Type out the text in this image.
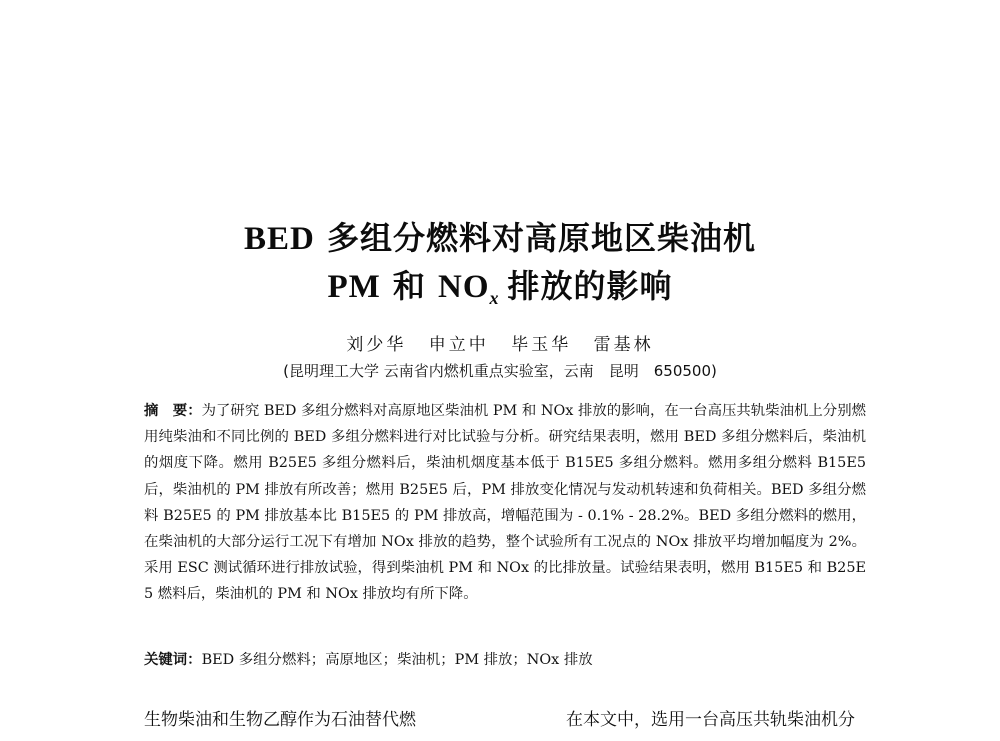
BED 多组分燃料对高原地区柴油机
PM 和 $NO_x$ 排放的影响
刘少华 申立中 毕玉华 雷基林
(昆明理工大学 云南省内燃机重点实验室，云南　昆明　650500)
摘　要：为了研究 BED 多组分燃料对高原地区柴油机 PM 和 NOx 排放的影响，在一台高压共轨柴油机上分别燃用纯柴油和不同比例的 BED 多组分燃料进行对比试验与分析。研究结果表明，燃用 BED 多组分燃料后，柴油机的烟度下降。燃用 B25E5 多组分燃料后，柴油机烟度基本低于 B15E5 多组分燃料。燃用多组分燃料 B15E5 后，柴油机的 PM 排放有所改善；燃用 B25E5 后，PM 排放变化情况与发动机转速和负荷相关。BED 多组分燃料 B25E5 的 PM 排放基本比 B15E5 的 PM 排放高，增幅范围为 - 0.1% - 28.2%。BED 多组分燃料的燃用，在柴油机的大部分运行工况下有增加 NOx 排放的趋势，整个试验所有工况点的 NOx 排放平均增加幅度为 2%。采用 ESC 测试循环进行排放试验，得到柴油机 PM 和 NOx 的比排放量。试验结果表明，燃用 B15E5 和 B25E5 燃料后，柴油机的 PM 和 NOx 排放均有所下降。
关键词：BED 多组分燃料；高原地区；柴油机；PM 排放；NOx 排放
生物柴油和生物乙醇作为石油替代燃	在本文中，选用一台高压共轨柴油机分
